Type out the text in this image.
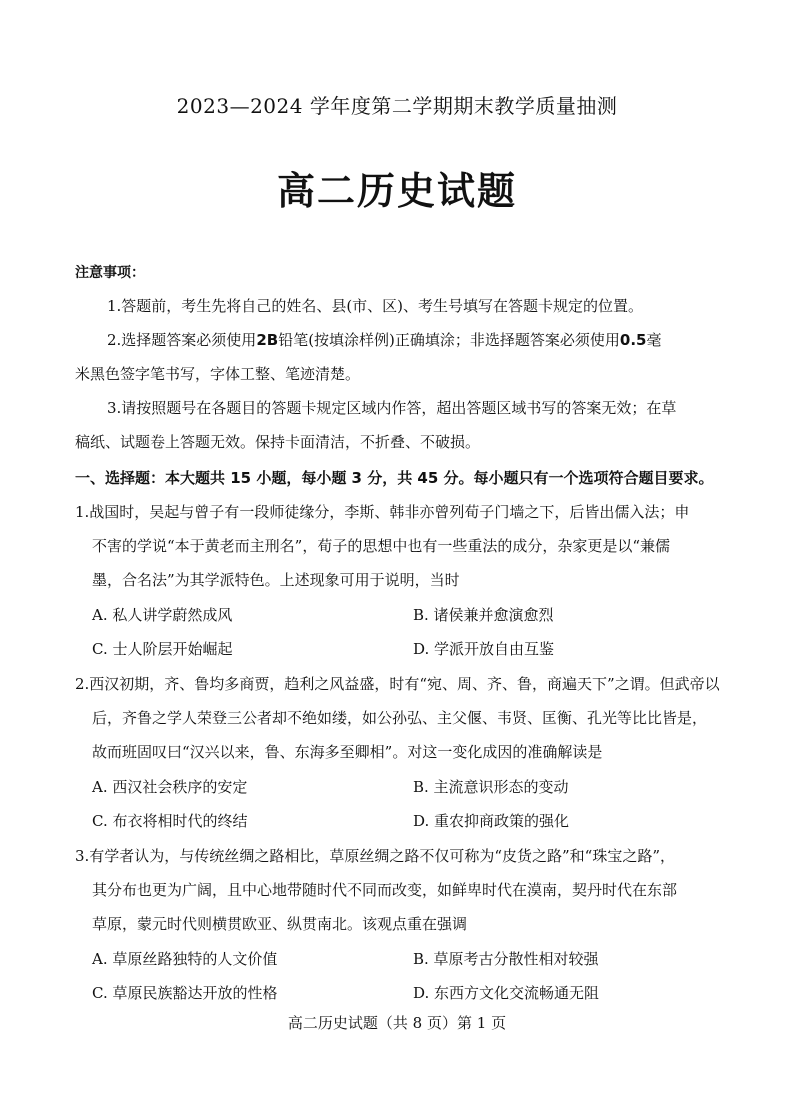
2023—2024 学年度第二学期期末教学质量抽测
高二历史试题
注意事项：
1.答题前，考生先将自己的姓名、县(市、区)、考生号填写在答题卡规定的位置。
2.选择题答案必须使用2B铅笔(按填涂样例)正确填涂；非选择题答案必须使用0.5毫
米黑色签字笔书写，字体工整、笔迹清楚。
3.请按照题号在各题目的答题卡规定区域内作答，超出答题区域书写的答案无效；在草
稿纸、试题卷上答题无效。保持卡面清洁，不折叠、不破损。
一、选择题：本大题共 15 小题，每小题 3 分，共 45 分。每小题只有一个选项符合题目要求。
1.战国时，吴起与曾子有一段师徒缘分，李斯、韩非亦曾列荀子门墙之下，后皆出儒入法；申
不害的学说“本于黄老而主刑名”，荀子的思想中也有一些重法的成分，杂家更是以“兼儒
墨，合名法”为其学派特色。上述现象可用于说明，当时
A. 私人讲学蔚然成风	B. 诸侯兼并愈演愈烈
C. 士人阶层开始崛起	D. 学派开放自由互鉴
2.西汉初期，齐、鲁均多商贾，趋利之风益盛，时有“宛、周、齐、鲁，商遍天下”之谓。但武帝以
后，齐鲁之学人荣登三公者却不绝如缕，如公孙弘、主父偃、韦贤、匡衡、孔光等比比皆是，
故而班固叹曰“汉兴以来，鲁、东海多至卿相”。对这一变化成因的准确解读是
A. 西汉社会秩序的安定	B. 主流意识形态的变动
C. 布衣将相时代的终结	D. 重农抑商政策的强化
3.有学者认为，与传统丝绸之路相比，草原丝绸之路不仅可称为“皮货之路”和“珠宝之路”，
其分布也更为广阔，且中心地带随时代不同而改变，如鲜卑时代在漠南，契丹时代在东部
草原，蒙元时代则横贯欧亚、纵贯南北。该观点重在强调
A. 草原丝路独特的人文价值	B. 草原考古分散性相对较强
C. 草原民族豁达开放的性格	D. 东西方文化交流畅通无阻
高二历史试题（共 8 页）第 1 页
